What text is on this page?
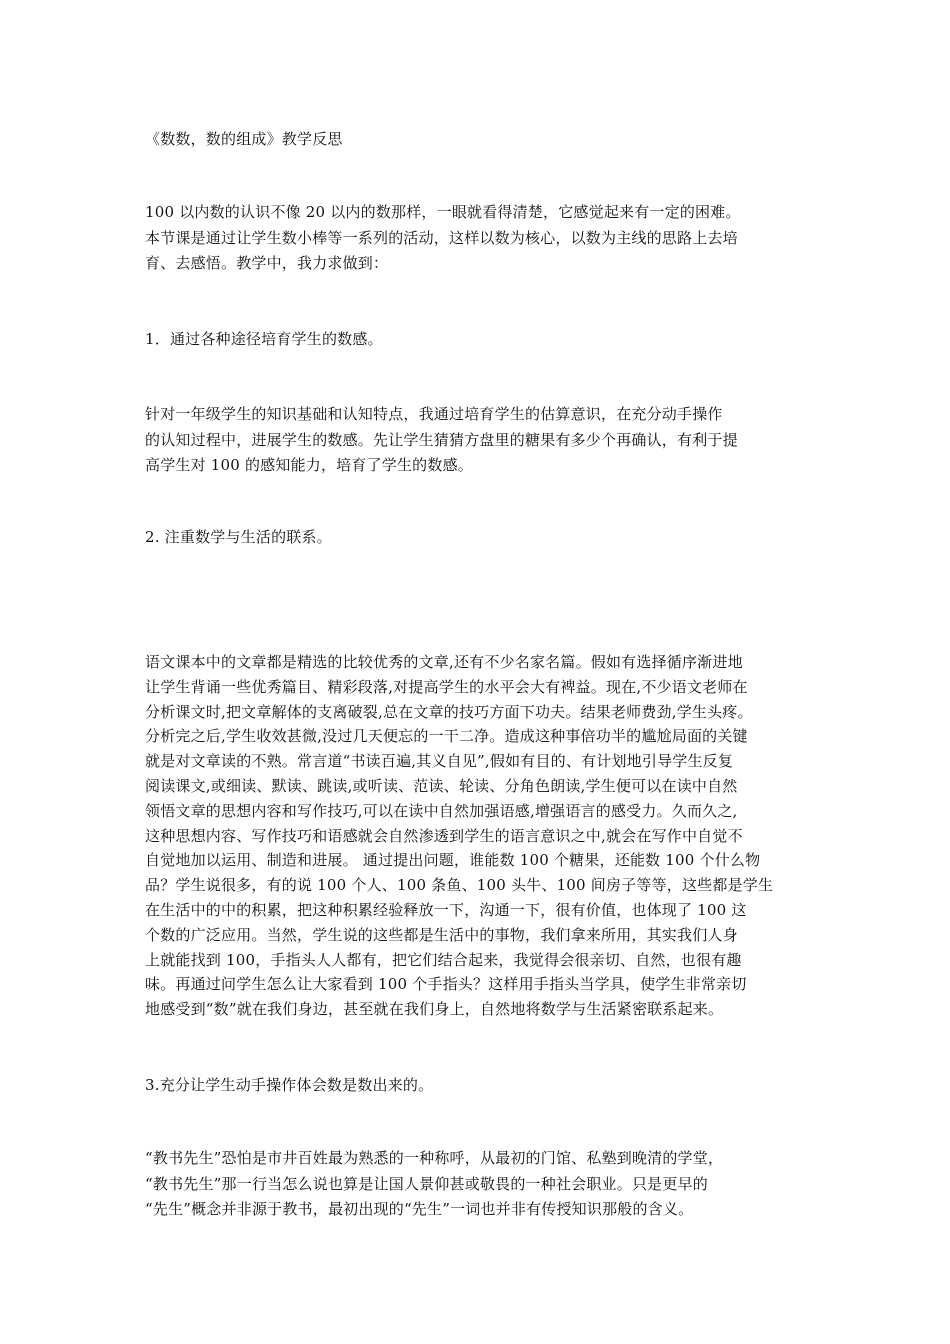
《数数，数的组成》教学反思
100 以内数的认识不像 20 以内的数那样，一眼就看得清楚，它感觉起来有一定的困难。
本节课是通过让学生数小棒等一系列的活动，这样以数为核心，以数为主线的思路上去培
育、去感悟。教学中，我力求做到：
1．通过各种途径培育学生的数感。
针对一年级学生的知识基础和认知特点，我通过培育学生的估算意识，在充分动手操作
的认知过程中，进展学生的数感。先让学生猜猜方盘里的糖果有多少个再确认，有利于提
高学生对 100 的感知能力，培育了学生的数感。
2. 注重数学与生活的联系。
语文课本中的文章都是精选的比较优秀的文章,还有不少名家名篇。假如有选择循序渐进地
让学生背诵一些优秀篇目、精彩段落,对提高学生的水平会大有裨益。现在,不少语文老师在
分析课文时,把文章解体的支离破裂,总在文章的技巧方面下功夫。结果老师费劲,学生头疼。
分析完之后,学生收效甚微,没过几天便忘的一干二净。造成这种事倍功半的尴尬局面的关键
就是对文章读的不熟。常言道“书读百遍,其义自见”,假如有目的、有计划地引导学生反复
阅读课文,或细读、默读、跳读,或听读、范读、轮读、分角色朗读,学生便可以在读中自然
领悟文章的思想内容和写作技巧,可以在读中自然加强语感,增强语言的感受力。久而久之,
这种思想内容、写作技巧和语感就会自然渗透到学生的语言意识之中,就会在写作中自觉不
自觉地加以运用、制造和进展。 通过提出问题，谁能数 100 个糖果，还能数 100 个什么物
品？学生说很多，有的说 100 个人、100 条鱼、100 头牛、100 间房子等等，这些都是学生
在生活中的中的积累，把这种积累经验释放一下，沟通一下，很有价值，也体现了 100 这
个数的广泛应用。当然，学生说的这些都是生活中的事物，我们拿来所用，其实我们人身
上就能找到 100，手指头人人都有，把它们结合起来，我觉得会很亲切、自然，也很有趣
味。再通过问学生怎么让大家看到 100 个手指头？这样用手指头当学具，使学生非常亲切
地感受到“数”就在我们身边，甚至就在我们身上，自然地将数学与生活紧密联系起来。
3.充分让学生动手操作体会数是数出来的。
“教书先生”恐怕是市井百姓最为熟悉的一种称呼，从最初的门馆、私塾到晚清的学堂，
“教书先生”那一行当怎么说也算是让国人景仰甚或敬畏的一种社会职业。只是更早的
“先生”概念并非源于教书，最初出现的“先生”一词也并非有传授知识那般的含义。
